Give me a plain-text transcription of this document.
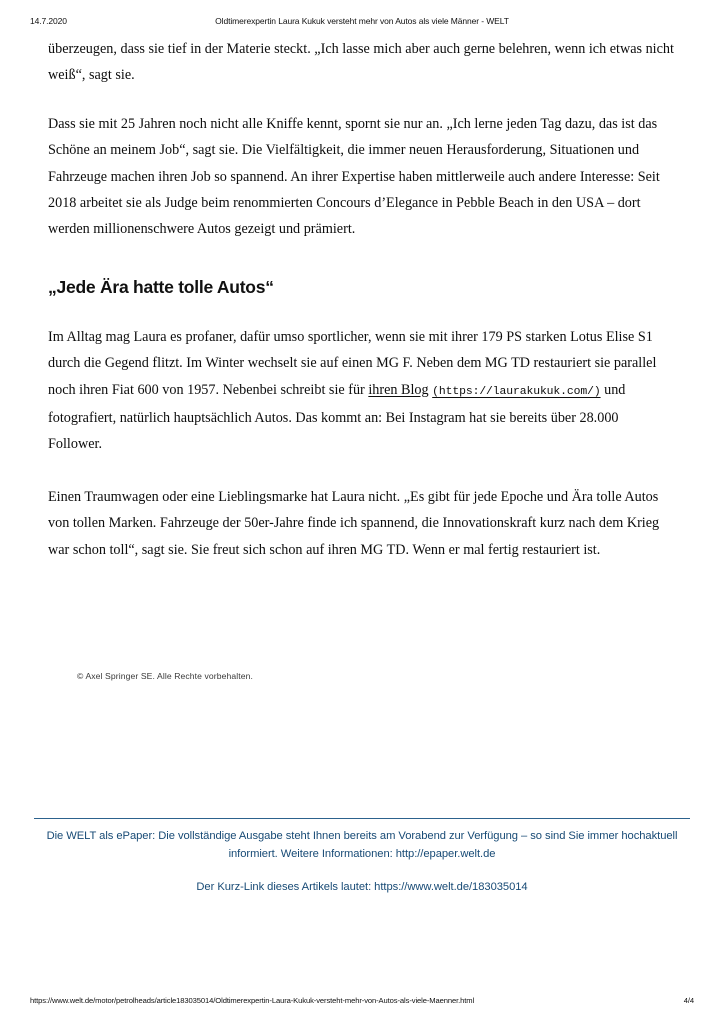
14.7.2020	Oldtimerexpertin Laura Kukuk versteht mehr von Autos als viele Männer - WELT

überzeugen, dass sie tief in der Materie steckt. „Ich lasse mich aber auch gerne belehren, wenn ich etwas nicht weiß“, sagt sie.

Dass sie mit 25 Jahren noch nicht alle Kniffe kennt, spornt sie nur an. „Ich lerne jeden Tag dazu, das ist das Schöne an meinem Job“, sagt sie. Die Vielfältigkeit, die immer neuen Herausforderung, Situationen und Fahrzeuge machen ihren Job so spannend. An ihrer Expertise haben mittlerweile auch andere Interesse: Seit 2018 arbeitet sie als Judge beim renommierten Concours d’Elegance in Pebble Beach in den USA – dort werden millionenschwere Autos gezeigt und prämiert.

„Jede Ära hatte tolle Autos“

Im Alltag mag Laura es profaner, dafür umso sportlicher, wenn sie mit ihrer 179 PS starken Lotus Elise S1 durch die Gegend flitzt. Im Winter wechselt sie auf einen MG F. Neben dem MG TD restauriert sie parallel noch ihren Fiat 600 von 1957. Nebenbei schreibt sie für ihren Blog (https://laurakukuk.com/) und fotografiert, natürlich hauptsächlich Autos. Das kommt an: Bei Instagram hat sie bereits über 28.000 Follower.

Einen Traumwagen oder eine Lieblingsmarke hat Laura nicht. „Es gibt für jede Epoche und Ära tolle Autos von tollen Marken. Fahrzeuge der 50er-Jahre finde ich spannend, die Innovationskraft kurz nach dem Krieg war schon toll“, sagt sie. Sie freut sich schon auf ihren MG TD. Wenn er mal fertig restauriert ist.

© Axel Springer SE. Alle Rechte vorbehalten.
Die WELT als ePaper: Die vollständige Ausgabe steht Ihnen bereits am Vorabend zur Verfügung – so sind Sie immer hochaktuell informiert. Weitere Informationen: http://epaper.welt.de
Der Kurz-Link dieses Artikels lautet: https://www.welt.de/183035014
https://www.welt.de/motor/petrolheads/article183035014/Oldtimerexpertin-Laura-Kukuk-versteht-mehr-von-Autos-als-viele-Maenner.html	4/4
